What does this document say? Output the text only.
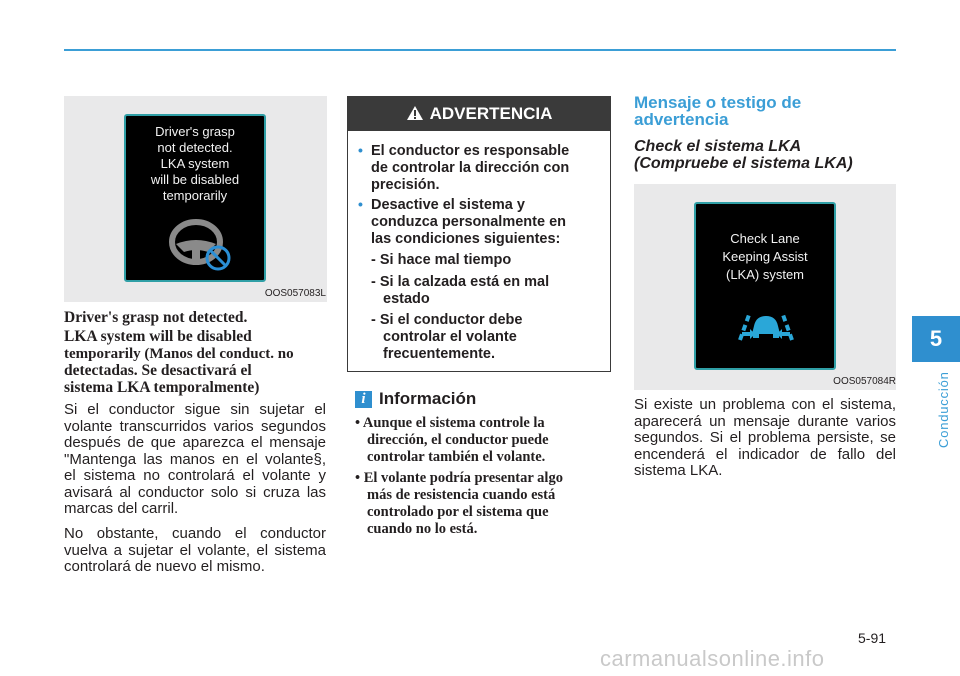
5
Conducción
Driver's grasp
not detected.
LKA system
will be disabled
temporarily
OOS057083L
Driver's grasp not detected.
LKA system will be disabled
temporarily (Manos del conduct. no
detectadas. Se desactivará el
sistema LKA temporalmente)
Si el conductor sigue sin sujetar el volante transcurridos varios segundos después de que aparezca el mensaje "Mantenga las manos en el volante§, el sistema no controlará el volante y avisará al conductor solo si cruza las marcas del carril.
No obstante, cuando el conductor vuelva a sujetar el volante, el sistema controlará de nuevo el mismo.
ADVERTENCIA
• El conductor es responsable
de controlar la dirección con
precisión.
• Desactive el sistema y
conduzca personalmente en
las condiciones siguientes:
- Si hace mal tiempo
- Si la calzada está en mal
estado
- Si el conductor debe
controlar el volante
frecuentemente.
i Información
• Aunque el sistema controle la
dirección, el conductor puede
controlar también el volante.
• El volante podría presentar algo
más de resistencia cuando está
controlado por el sistema que
cuando no lo está.
Mensaje o testigo de
advertencia
Check el sistema LKA
(Compruebe el sistema LKA)
Check Lane
Keeping Assist
(LKA) system
OOS057084R
Si existe un problema con el sistema, aparecerá un mensaje durante varios segundos. Si el problema persiste, se encenderá el indicador de fallo del sistema LKA.
5-91
carmanualsonline.info
